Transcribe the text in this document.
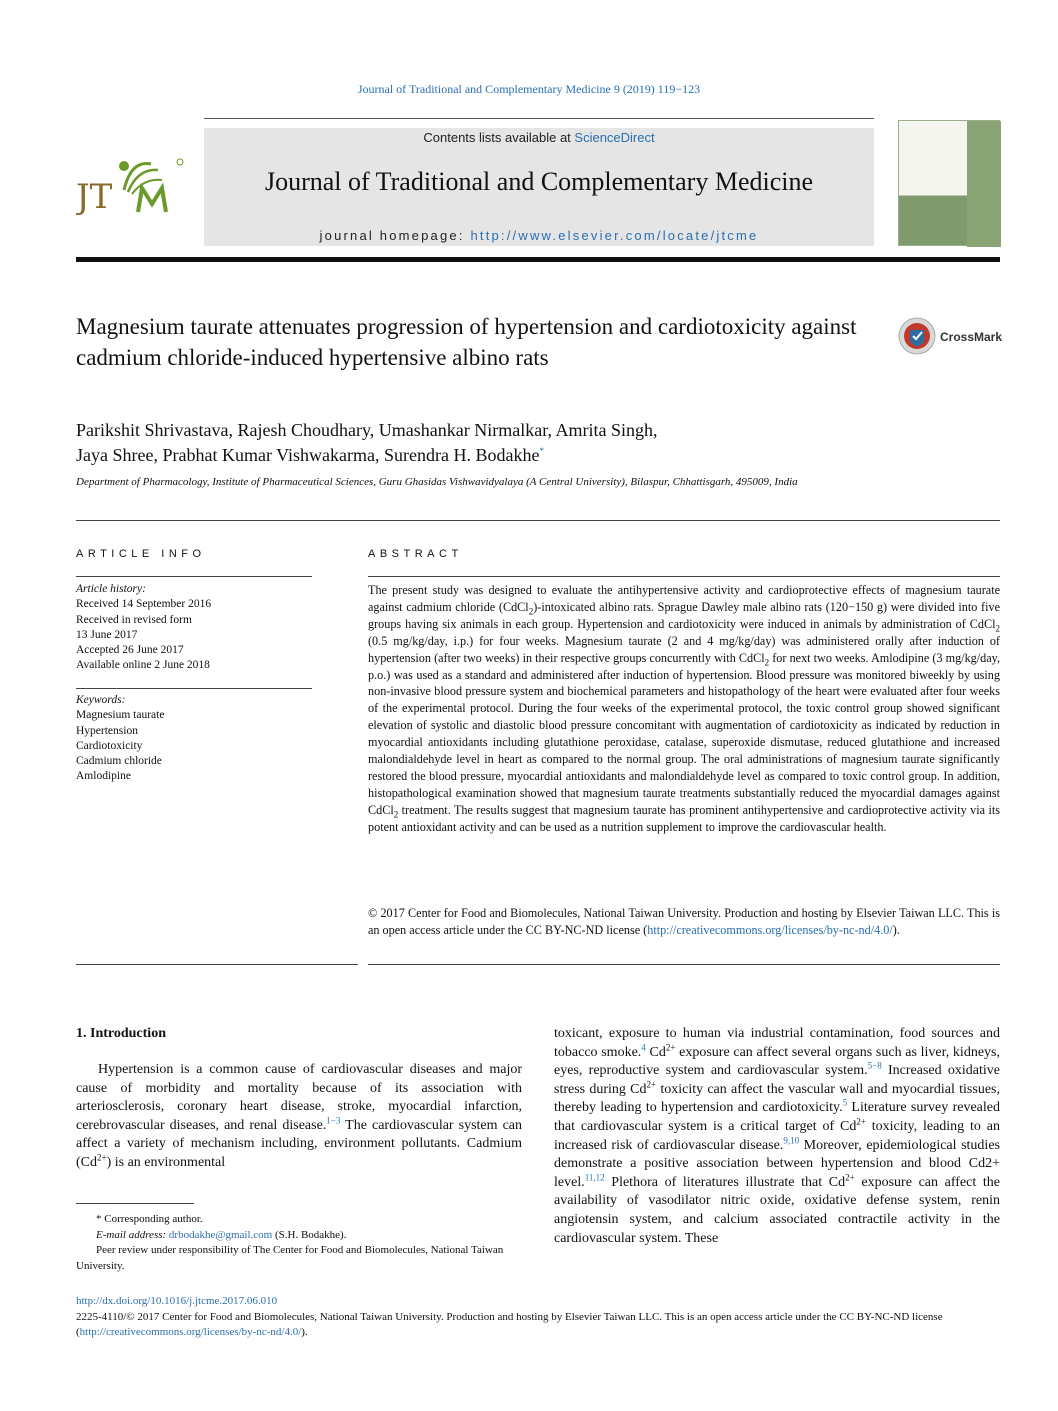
Journal of Traditional and Complementary Medicine 9 (2019) 119−123
JT
Contents lists available at ScienceDirect
Journal of Traditional and Complementary Medicine
journal homepage: http://www.elsevier.com/locate/jtcme
Magnesium taurate attenuates progression of hypertension and cardiotoxicity against cadmium chloride-induced hypertensive albino rats
CrossMark
Parikshit Shrivastava, Rajesh Choudhary, Umashankar Nirmalkar, Amrita Singh,
Jaya Shree, Prabhat Kumar Vishwakarma, Surendra H. Bodakhe*
Department of Pharmacology, Institute of Pharmaceutical Sciences, Guru Ghasidas Vishwavidyalaya (A Central University), Bilaspur, Chhattisgarh, 495009, India
ARTICLE INFO
Article history:
Received 14 September 2016
Received in revised form
13 June 2017
Accepted 26 June 2017
Available online 2 June 2018
Keywords:
Magnesium taurate
Hypertension
Cardiotoxicity
Cadmium chloride
Amlodipine
ABSTRACT
The present study was designed to evaluate the antihypertensive activity and cardioprotective effects of magnesium taurate against cadmium chloride (CdCl$_2$)-intoxicated albino rats. Sprague Dawley male albino rats (120−150 g) were divided into five groups having six animals in each group. Hypertension and cardiotoxicity were induced in animals by administration of CdCl$_2$ (0.5 mg/kg/day, i.p.) for four weeks. Magnesium taurate (2 and 4 mg/kg/day) was administered orally after induction of hypertension (after two weeks) in their respective groups concurrently with CdCl$_2$ for next two weeks. Amlodipine (3 mg/kg/day, p.o.) was used as a standard and administered after induction of hypertension. Blood pressure was monitored biweekly by using non-invasive blood pressure system and biochemical parameters and histopathology of the heart were evaluated after four weeks of the experimental protocol. During the four weeks of the experimental protocol, the toxic control group showed significant elevation of systolic and diastolic blood pressure concomitant with augmentation of cardiotoxicity as indicated by reduction in myocardial antioxidants including glutathione peroxidase, catalase, superoxide dismutase, reduced glutathione and increased malondialdehyde level in heart as compared to the normal group. The oral administrations of magnesium taurate significantly restored the blood pressure, myocardial antioxidants and malondialdehyde level as compared to toxic control group. In addition, histopathological examination showed that magnesium taurate treatments substantially reduced the myocardial damages against CdCl$_2$ treatment. The results suggest that magnesium taurate has prominent antihypertensive and cardioprotective activity via its potent antioxidant activity and can be used as a nutrition supplement to improve the cardiovascular health.
© 2017 Center for Food and Biomolecules, National Taiwan University. Production and hosting by Elsevier Taiwan LLC. This is an open access article under the CC BY-NC-ND license (http://creativecommons.org/licenses/by-nc-nd/4.0/).
1. Introduction
Hypertension is a common cause of cardiovascular diseases and major cause of morbidity and mortality because of its association with arteriosclerosis, coronary heart disease, stroke, myocardial infarction, cerebrovascular diseases, and renal disease.$^{1-3}$ The cardiovascular system can affect a variety of mechanism including, environment pollutants. Cadmium $(Cd^{2+})$ is an environmental
toxicant, exposure to human via industrial contamination, food sources and tobacco smoke.$^4$ $Cd^{2+}$ exposure can affect several organs such as liver, kidneys, eyes, reproductive system and cardiovascular system.$^{5-8}$ Increased oxidative stress during $Cd^{2+}$ toxicity can affect the vascular wall and myocardial tissues, thereby leading to hypertension and cardiotoxicity.$^5$ Literature survey revealed that cardiovascular system is a critical target of $Cd^{2+}$ toxicity, leading to an increased risk of cardiovascular disease.$^{9,10}$ Moreover, epidemiological studies demonstrate a positive association between hypertension and blood Cd2+ level.$^{11,12}$ Plethora of literatures illustrate that $Cd^{2+}$ exposure can affect the availability of vasodilator nitric oxide, oxidative defense system, renin angiotensin system, and calcium associated contractile activity in the cardiovascular system. These
* Corresponding author.
E-mail address: drbodakhe@gmail.com (S.H. Bodakhe).
Peer review under responsibility of The Center for Food and Biomolecules, National Taiwan University.
http://dx.doi.org/10.1016/j.jtcme.2017.06.010
2225-4110/© 2017 Center for Food and Biomolecules, National Taiwan University. Production and hosting by Elsevier Taiwan LLC. This is an open access article under the CC BY-NC-ND license (http://creativecommons.org/licenses/by-nc-nd/4.0/).
